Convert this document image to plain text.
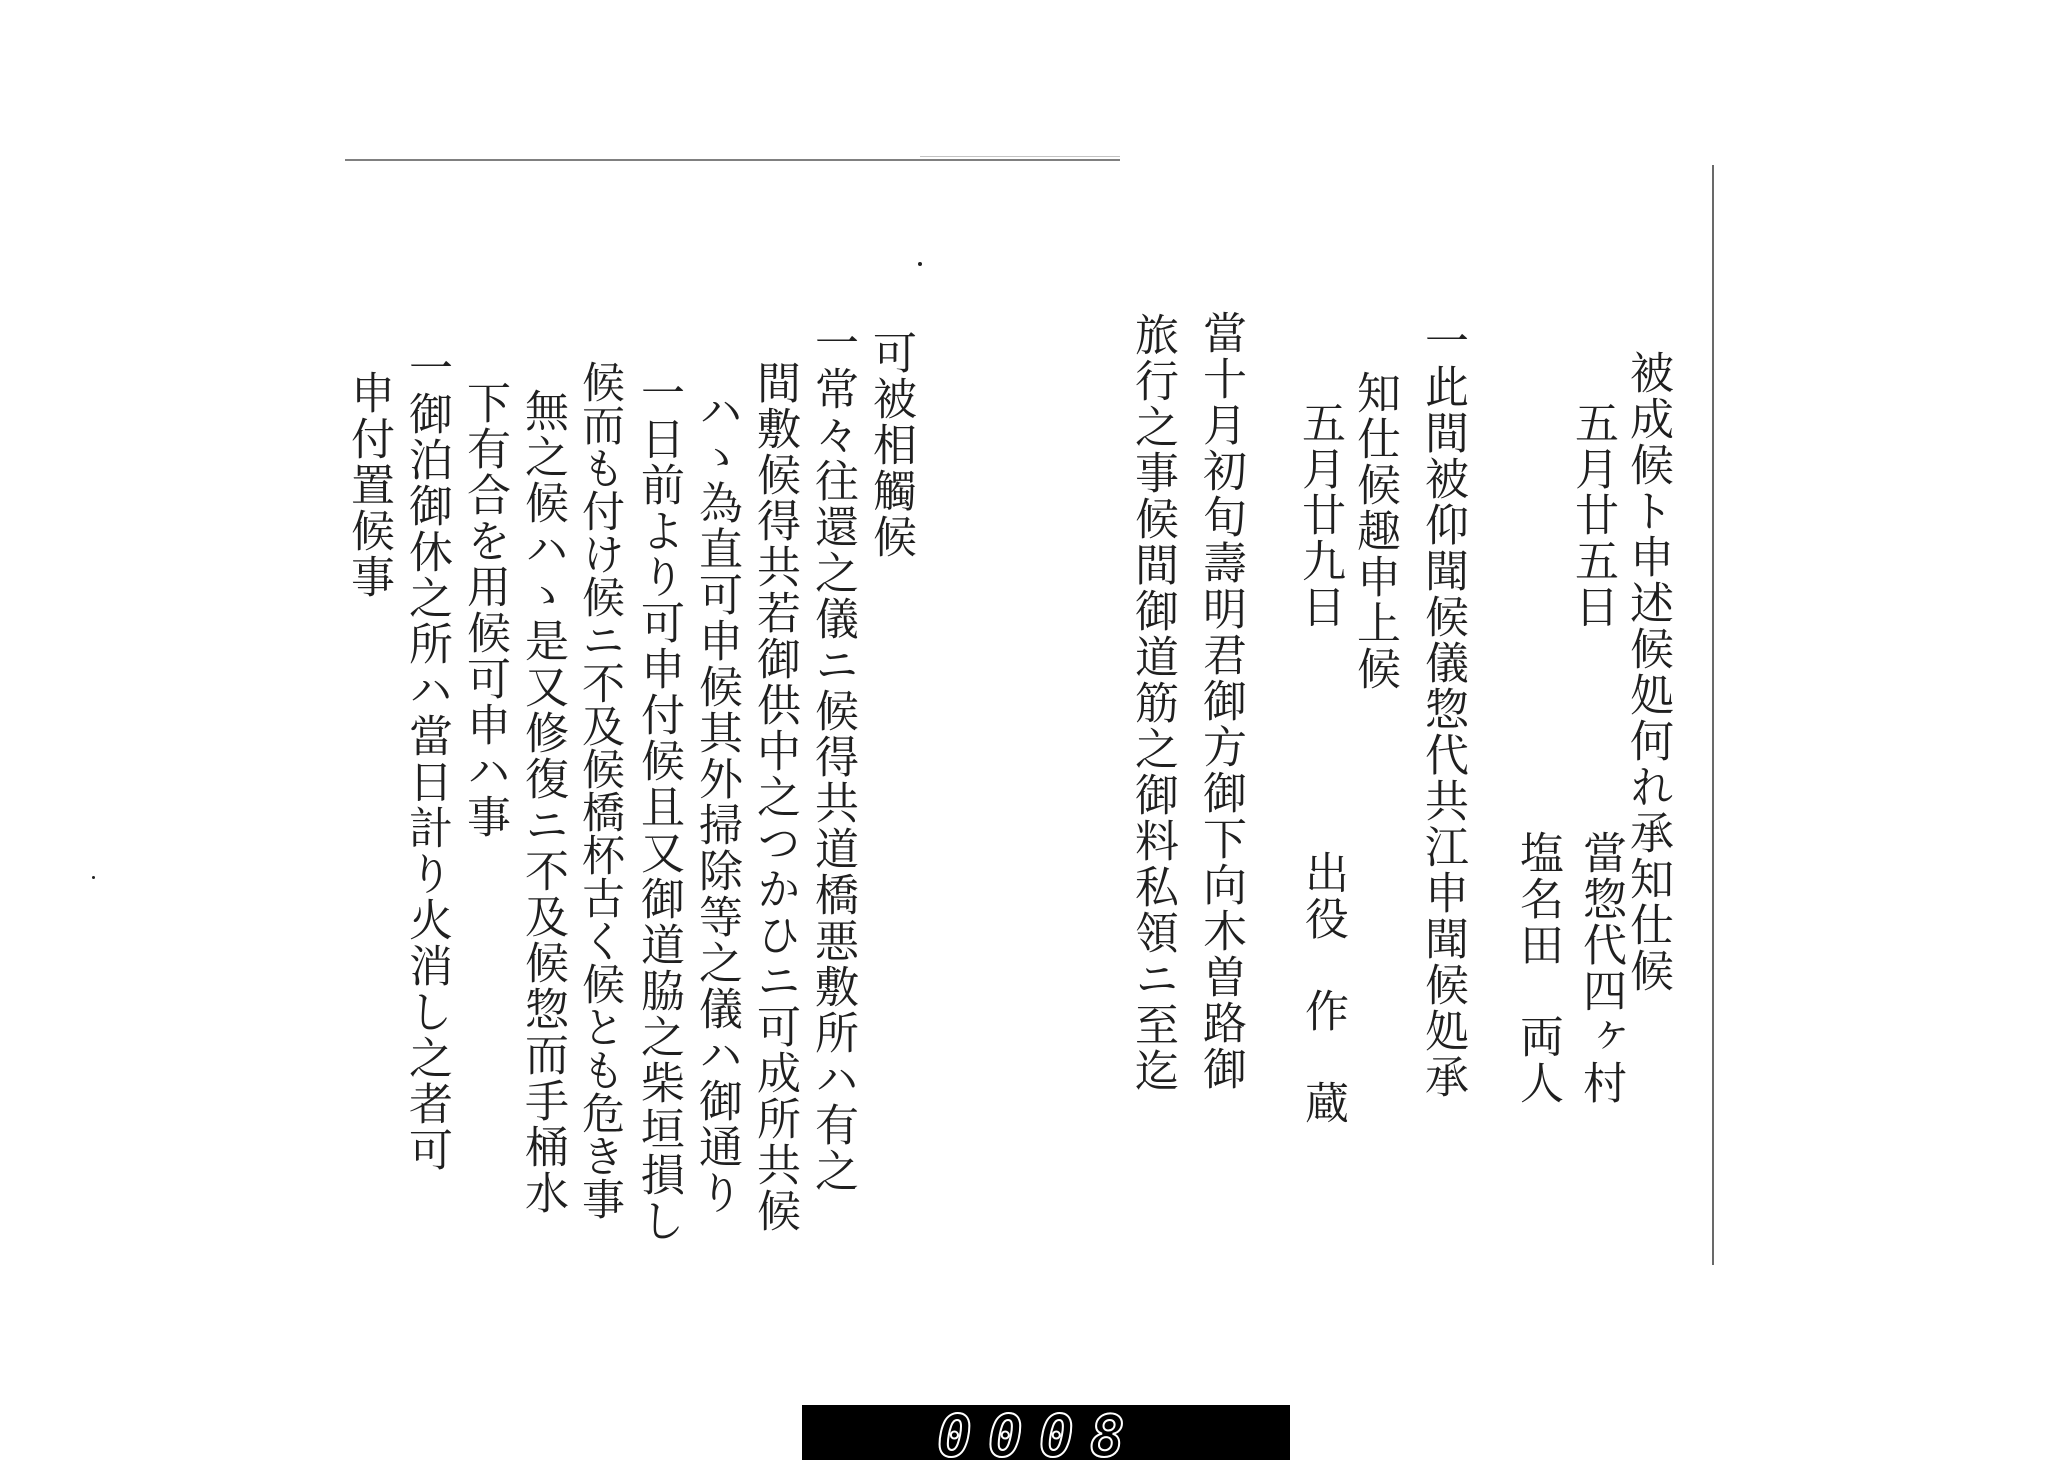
被成候ト申述候処何れ承知仕候
五月廿五日
當惣代四ヶ村
塩名田　両人
一此間被仰聞候儀惣代共江申聞候処承
知仕候趣申上候
五月廿九日
出役　作　蔵
當十月初旬壽明君御方御下向木曽路御
旅行之事候間御道筋之御料私領ニ至迄
可被相觸候
一常々往還之儀ニ候得共道橋悪敷所ハ有之
間敷候得共若御供中之つかひニ可成所共候
ハゝ為直可申候其外掃除等之儀ハ御通り
一日前より可申付候且又御道脇之柴垣損し
候而も付け候ニ不及候橋杯古く候とも危き事
無之候ハゝ是又修復ニ不及候惣而手桶水
下有合を用候可申ハ事
一御泊御休之所ハ當日計り火消し之者可
申付置候事
0008
